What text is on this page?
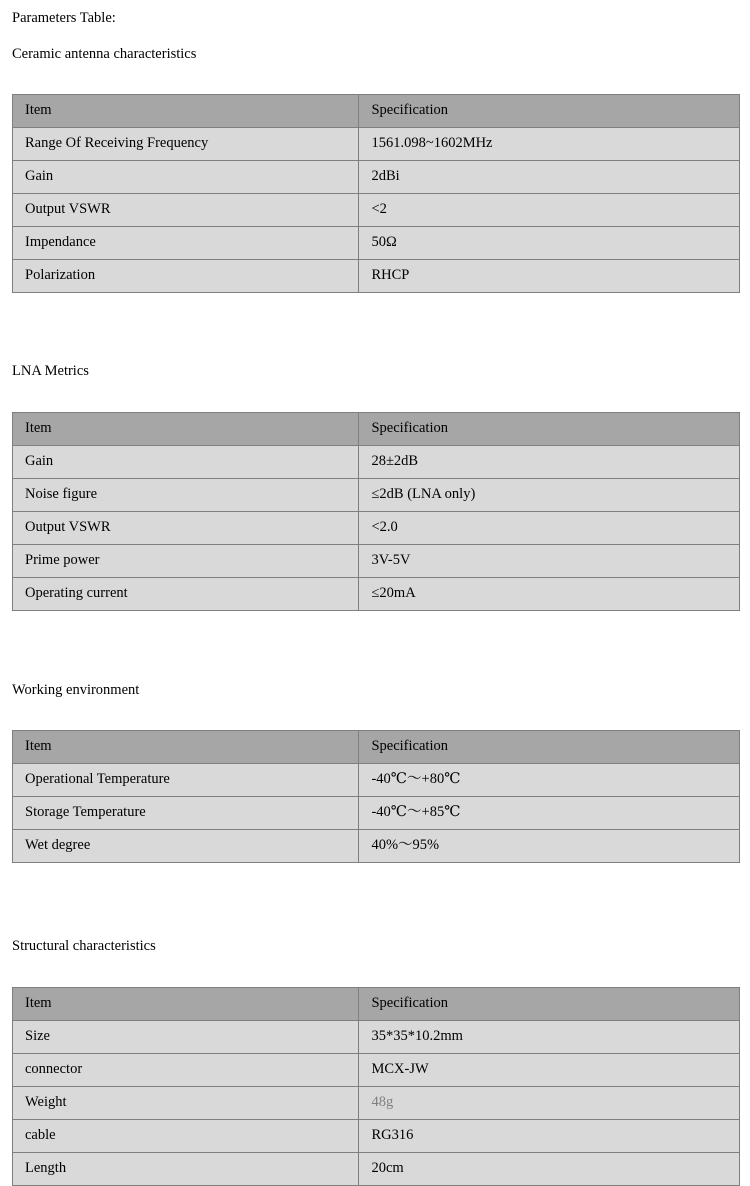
Parameters Table:
Ceramic antenna characteristics
Item	Specification
Range Of Receiving Frequency	1561.098~1602MHz
Gain	2dBi
Output VSWR	<2
Impendance	50Ω
Polarization	RHCP
LNA Metrics
Item	Specification
Gain	28±2dB
Noise figure	≤2dB (LNA only)
Output VSWR	<2.0
Prime power	3V-5V
Operating current	≤20mA
Working environment
Item	Specification
Operational Temperature	-40℃〜+80℃
Storage Temperature	-40℃〜+85℃
Wet degree	40%〜95%
Structural characteristics
Item	Specification
Size	35*35*10.2mm
connector	MCX-JW
Weight	48g
cable	RG316
Length	20cm
